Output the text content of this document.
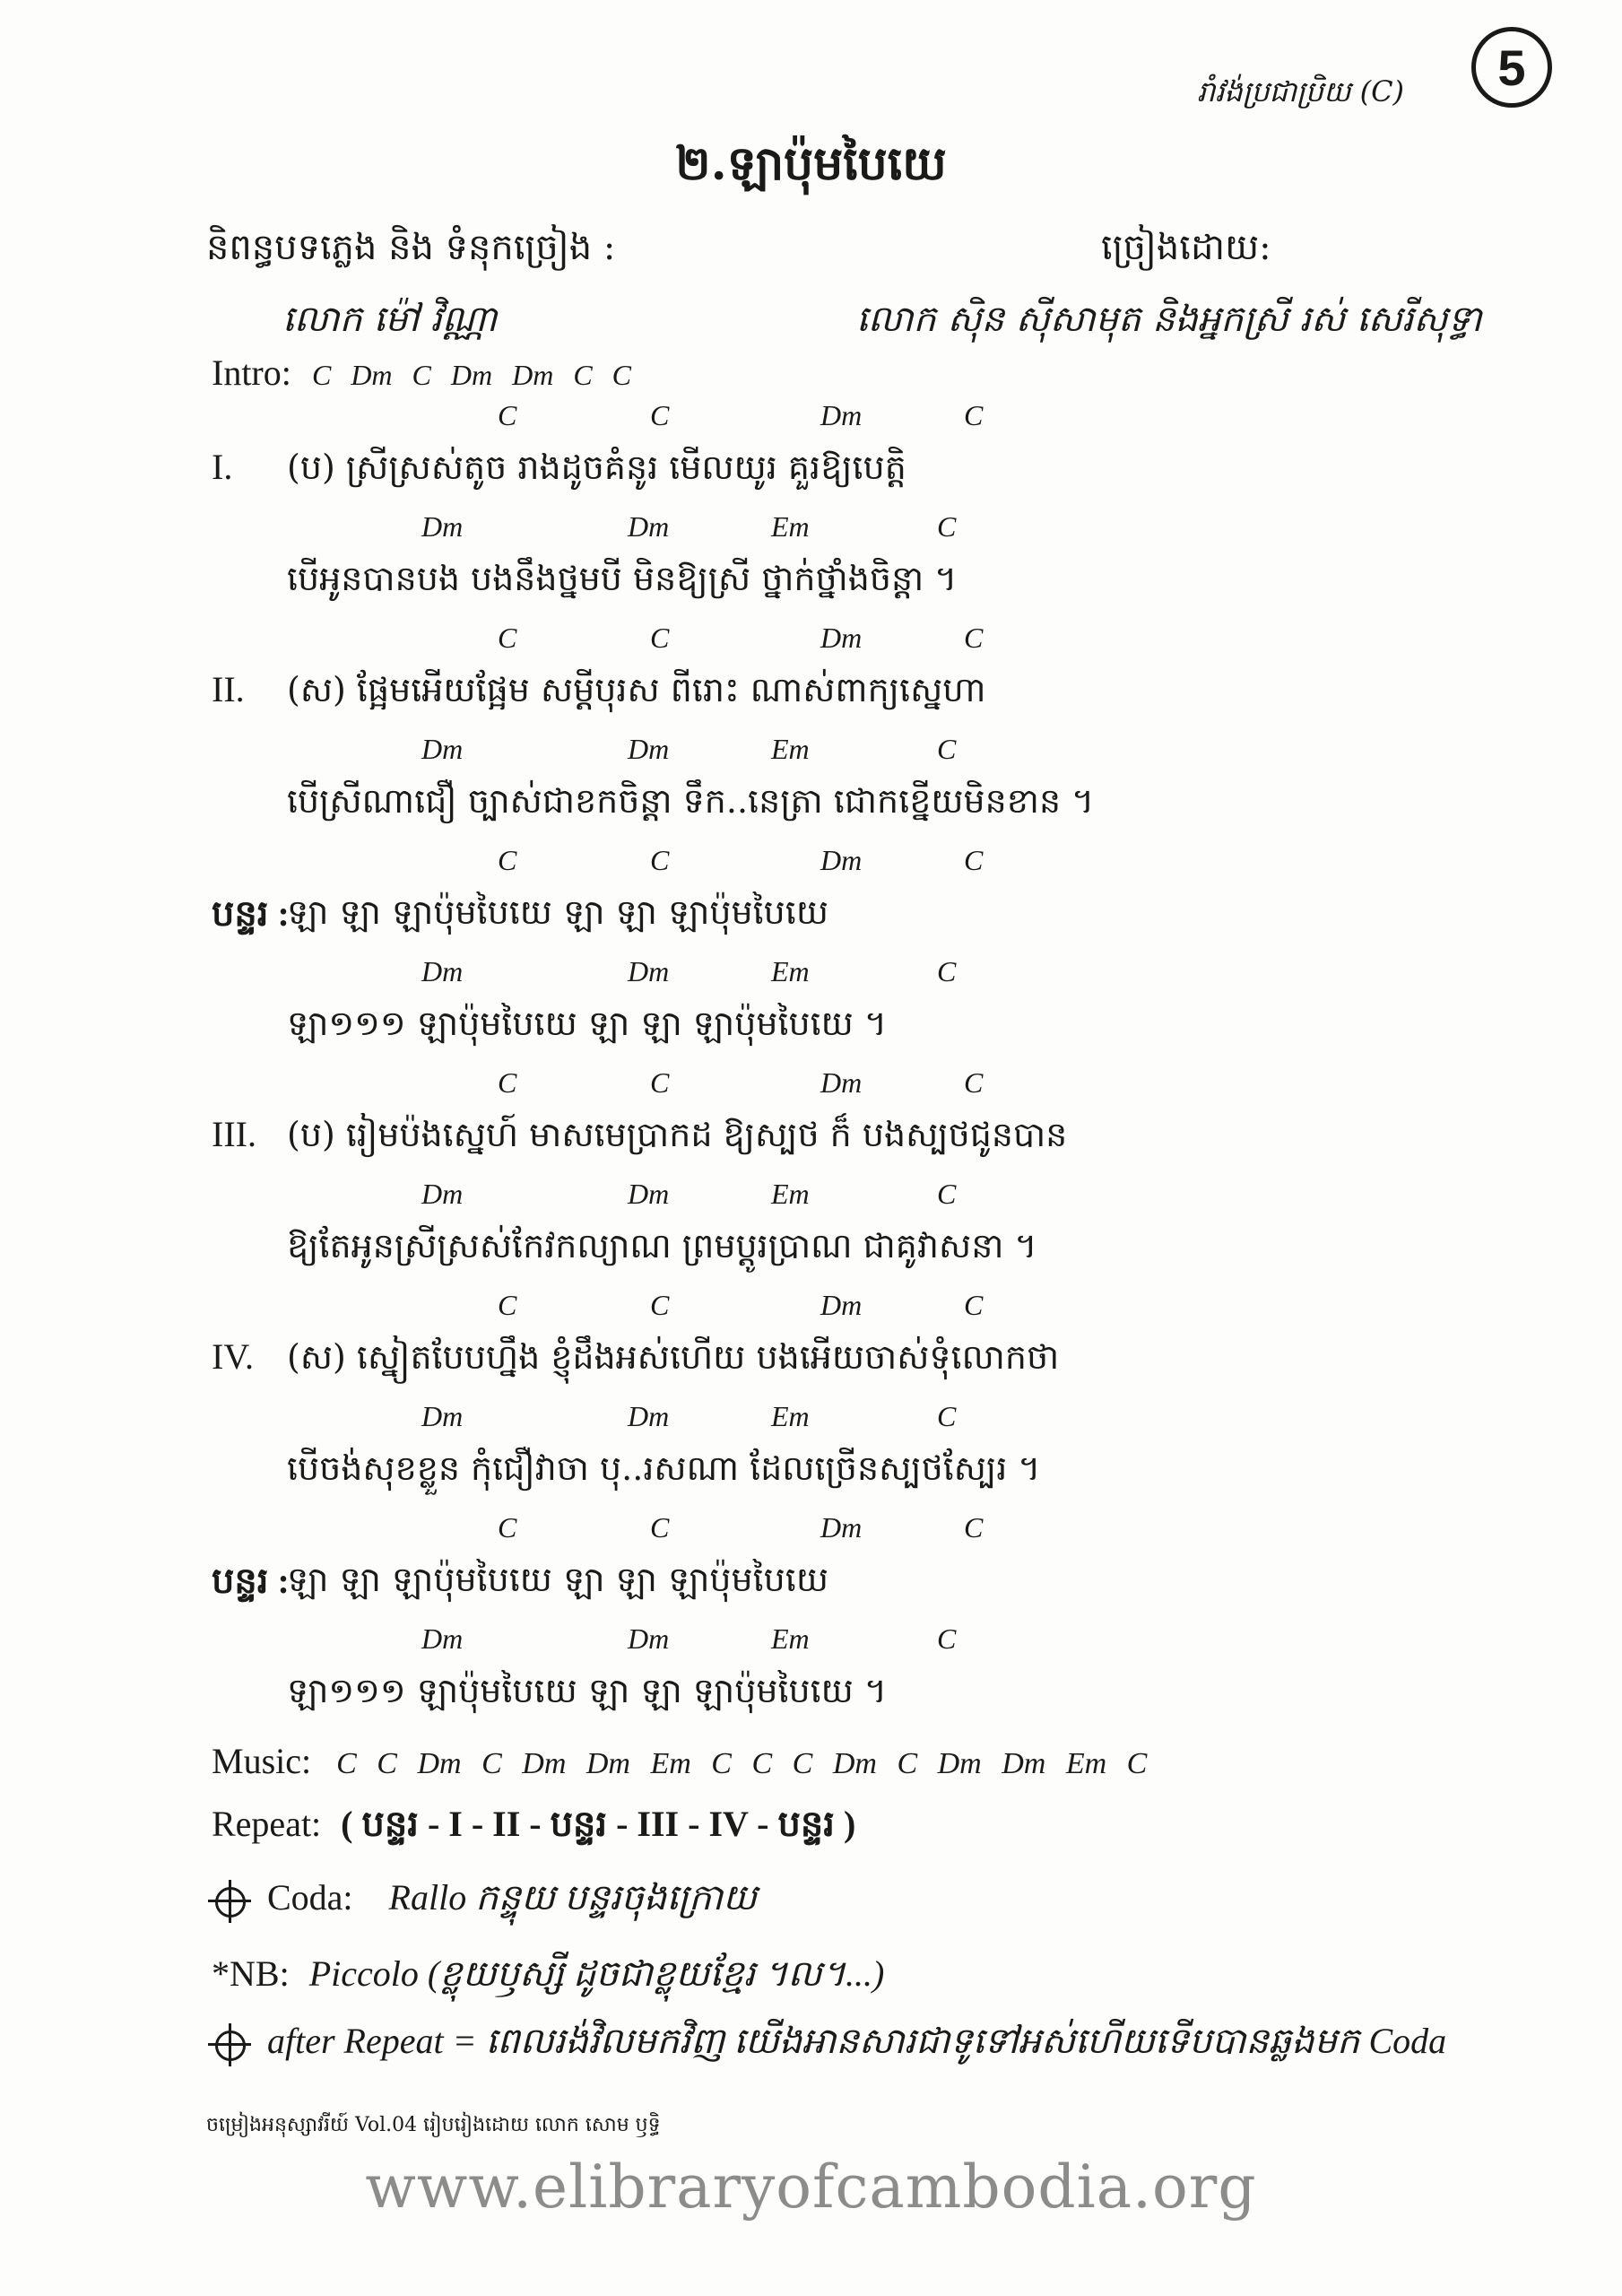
5
រាំវង់ប្រជាប្រិយ (C)
២.ឡាប៉ុមបៃយេ
និពន្ធបទភ្លេង និង ទំនុកច្រៀង :	ច្រៀងដោយ:
លោក ម៉ៅ វិណ្ណា	លោក ស៊ិន ស៊ីសាមុត និងអ្នកស្រី រស់ សេរីសុទ្ធា
Intro: C Dm C Dm Dm C C
C	C	Dm	C
I. (ប) ស្រីស្រស់តូច រាងដូចគំនូរ មើលយូរ គួរឱ្យបេត្តិ
Dm	Dm	Em	C
បើអូនបានបង បងនឹងថ្នមបី មិនឱ្យស្រី ថ្នាក់ថ្នាំងចិន្តា ។
C	C	Dm	C
II. (ស) ផ្អែមអើយផ្អែម សម្ដីបុរស ពីរោះ ណាស់ពាក្យស្នេហា
Dm	Dm	Em	C
បើស្រីណាជឿ ច្បាស់ជាខកចិន្តា ទឹក..នេត្រា ជោកខ្នើយមិនខាន ។
C	C	Dm	C
បន្ទរ :
ឡា ឡា ឡាប៉ុមបៃយេ ឡា ឡា ឡាប៉ុមបៃយេ
Dm	Dm	Em	C
ឡា១១១ ឡាប៉ុមបៃយេ ឡា ឡា ឡាប៉ុមបៃយេ ។
C	C	Dm	C
III. (ប) រៀមប៉ងស្នេហ៍ មាសមេប្រាកដ ឱ្យស្បថ ក៏ បងស្បថជូនបាន
Dm	Dm	Em	C
ឱ្យតែអូនស្រីស្រស់កែវកល្យាណ ព្រមប្ដូរប្រាណ ជាគូវាសនា ។
C	C	Dm	C
IV. (ស) ស្នៀតបែបហ្នឹង ខ្ញុំដឹងអស់ហើយ បងអើយចាស់ទុំលោកថា
Dm	Dm	Em	C
បើចង់សុខខ្លួន កុំជឿវាចា បុ..រសណា ដែលច្រើនស្បថស្បែរ ។
C	C	Dm	C
បន្ទរ :
ឡា ឡា ឡាប៉ុមបៃយេ ឡា ឡា ឡាប៉ុមបៃយេ
Dm	Dm	Em	C
ឡា១១១ ឡាប៉ុមបៃយេ ឡា ឡា ឡាប៉ុមបៃយេ ។
Music: C C Dm C Dm Dm Em C C C Dm C Dm Dm Em C
Repeat: ( បន្ទរ - I - II - បន្ទរ - III - IV - បន្ទរ )
Coda: Rallo កន្ទុយ បន្ទរចុងក្រោយ
*NB: Piccolo (ខ្លុយឫស្សី ដូចជាខ្លុយខ្មែរ ។ល។...)
after Repeat = ពេលរង់វិលមកវិញ យើងអានសារជាទូទៅអស់ហើយទើបបានឆ្លងមក Coda
ចម្រៀងអនុស្សាវរីយ៍ Vol.04 រៀបរៀងដោយ លោក សោម ឫទ្ធិ
www.elibraryofcambodia.org
